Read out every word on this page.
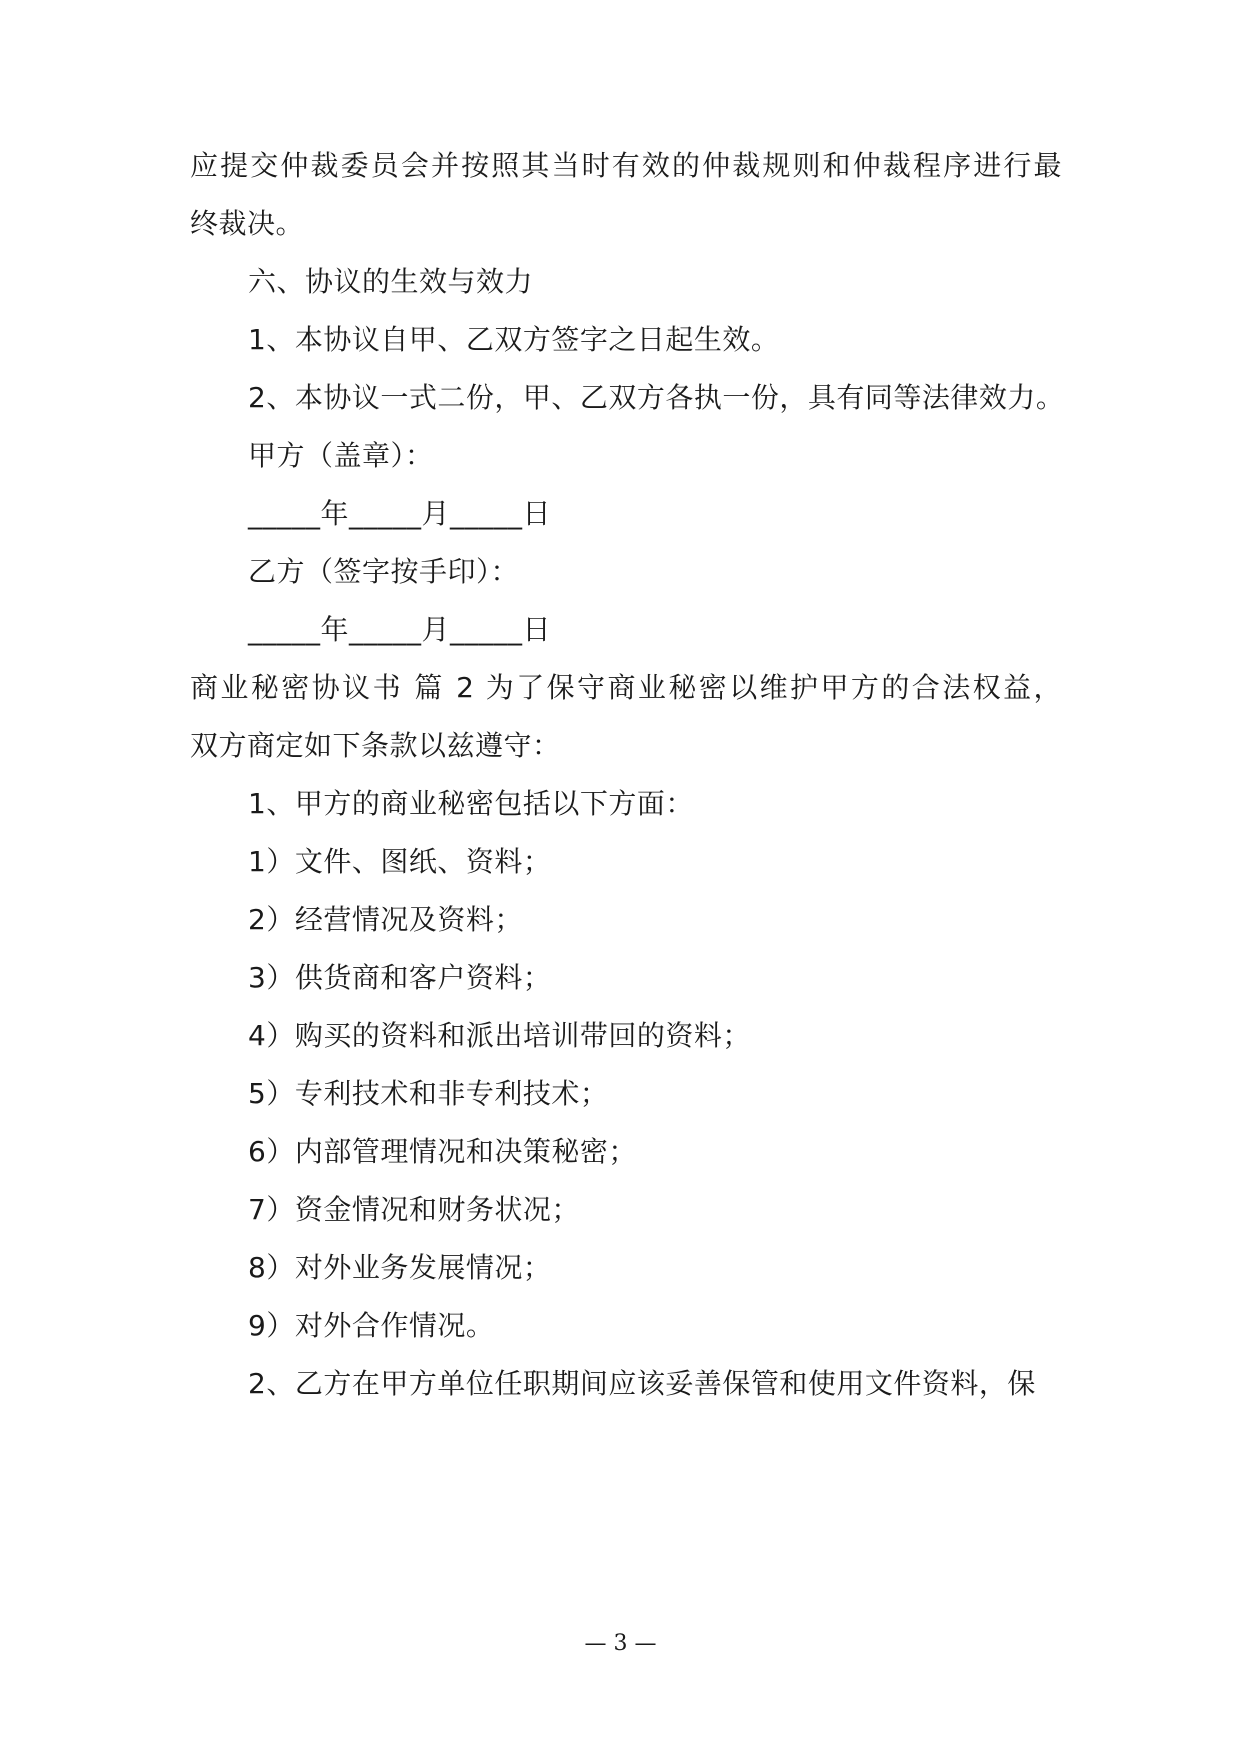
应提交仲裁委员会并按照其当时有效的仲裁规则和仲裁程序进行最
终裁决。
六、协议的生效与效力
1、本协议自甲、乙双方签字之日起生效。
2、本协议一式二份，甲、乙双方各执一份，具有同等法律效力。
甲方（盖章）：
_____年_____月_____日
乙方（签字按手印）：
_____年_____月_____日
商业秘密协议书 篇 2 为了保守商业秘密以维护甲方的合法权益，
双方商定如下条款以兹遵守：
1、甲方的商业秘密包括以下方面：
1）文件、图纸、资料；
2）经营情况及资料；
3）供货商和客户资料；
4）购买的资料和派出培训带回的资料；
5）专利技术和非专利技术；
6）内部管理情况和决策秘密；
7）资金情况和财务状况；
8）对外业务发展情况；
9）对外合作情况。
2、乙方在甲方单位任职期间应该妥善保管和使用文件资料，保
— 3 —
